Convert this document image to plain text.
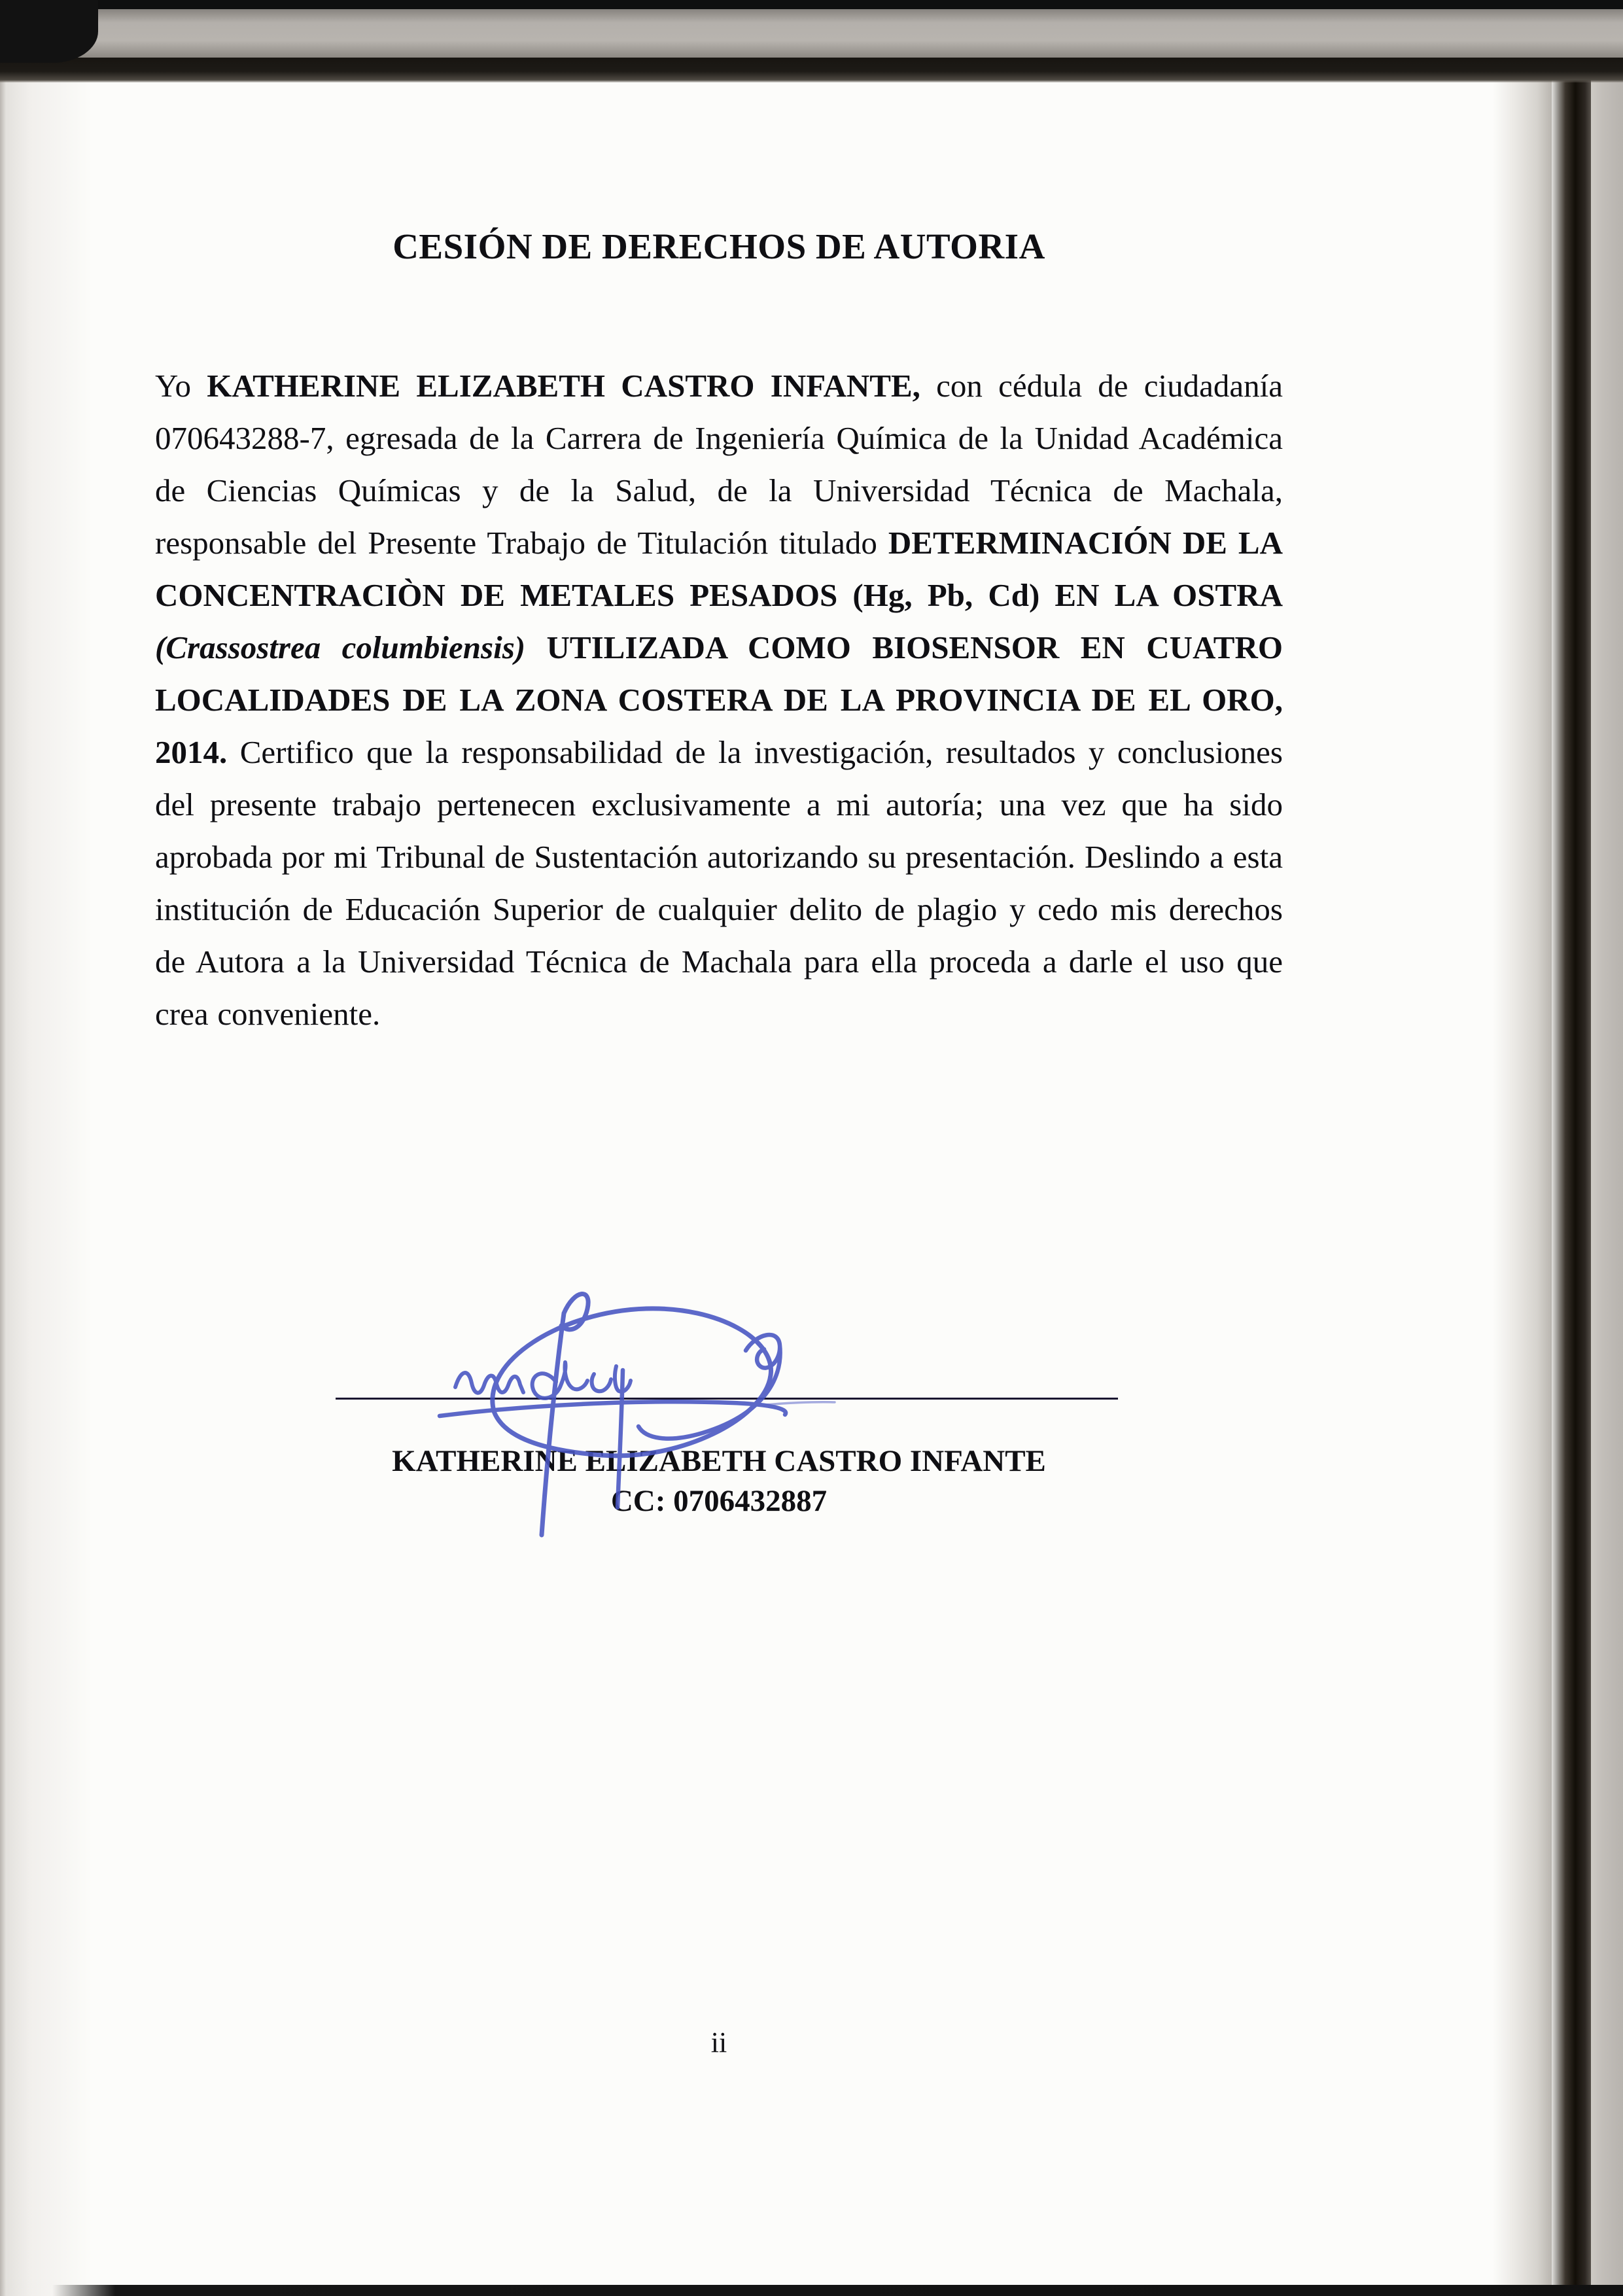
CESIÓN DE DERECHOS DE AUTORIA
Yo KATHERINE ELIZABETH CASTRO INFANTE, con cédula de ciudadanía 070643288-7, egresada de la Carrera de Ingeniería Química de la Unidad Académica de Ciencias Químicas y de la Salud, de la Universidad Técnica de Machala, responsable del Presente Trabajo de Titulación titulado DETERMINACIÓN DE LA CONCENTRACIÒN DE METALES PESADOS (Hg, Pb, Cd) EN LA OSTRA (Crassostrea columbiensis) UTILIZADA COMO BIOSENSOR EN CUATRO LOCALIDADES DE LA ZONA COSTERA DE LA PROVINCIA DE EL ORO, 2014. Certifico que la responsabilidad de la investigación, resultados y conclusiones del presente trabajo pertenecen exclusivamente a mi autoría; una vez que ha sido aprobada por mi Tribunal de Sustentación autorizando su presentación. Deslindo a esta institución de Educación Superior de cualquier delito de plagio y cedo mis derechos de Autora a la Universidad Técnica de Machala para ella proceda a darle el uso que crea conveniente.
KATHERINE ELIZABETH CASTRO INFANTE
CC: 0706432887
ii
